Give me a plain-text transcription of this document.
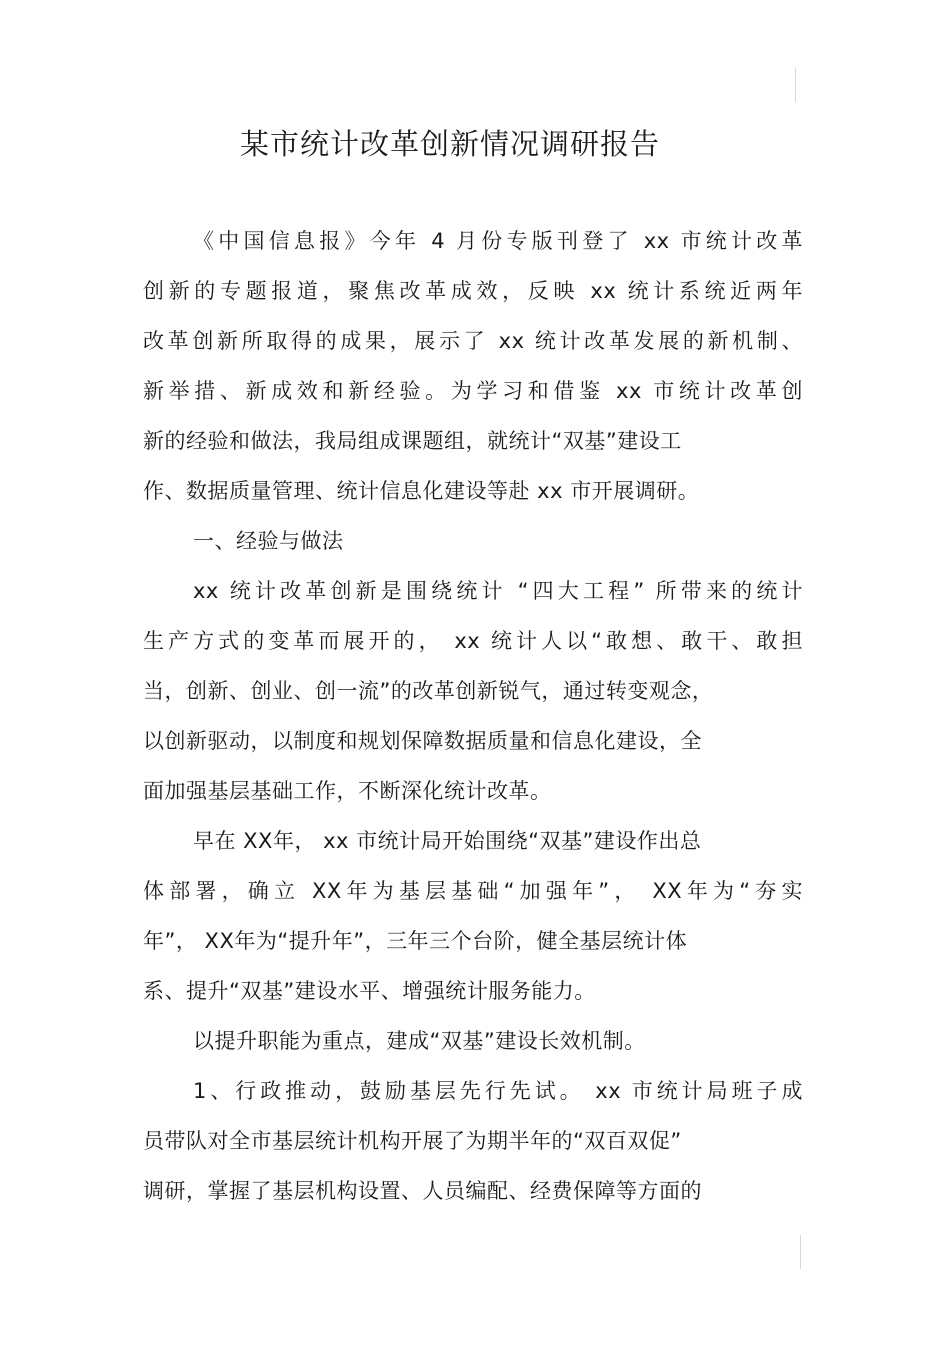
某市统计改革创新情况调研报告
《中国信息报》今年 4 月份专版刊登了 xx 市统计改革
创新的专题报道，聚焦改革成效，反映 xx 统计系统近两年
改革创新所取得的成果，展示了 xx 统计改革发展的新机制、
新举措、新成效和新经验。为学习和借鉴 xx 市统计改革创
新的经验和做法，我局组成课题组，就统计“双基”建设工
作、数据质量管理、统计信息化建设等赴 xx 市开展调研。
一、经验与做法
xx 统计改革创新是围绕统计 “四大工程” 所带来的统计
生产方式的变革而展开的， xx 统计人以“敢想、敢干、敢担
当，创新、创业、创一流”的改革创新锐气，通过转变观念，
以创新驱动，以制度和规划保障数据质量和信息化建设，全
面加强基层基础工作，不断深化统计改革。
早在 XX年， xx 市统计局开始围绕“双基”建设作出总
体部署，确立 XX年为基层基础“加强年”， XX年为“夯实
年”， XX年为“提升年”，三年三个台阶，健全基层统计体
系、提升“双基”建设水平、增强统计服务能力。
以提升职能为重点，建成“双基”建设长效机制。
1、行政推动，鼓励基层先行先试。 xx 市统计局班子成
员带队对全市基层统计机构开展了为期半年的“双百双促”
调研，掌握了基层机构设置、人员编配、经费保障等方面的
